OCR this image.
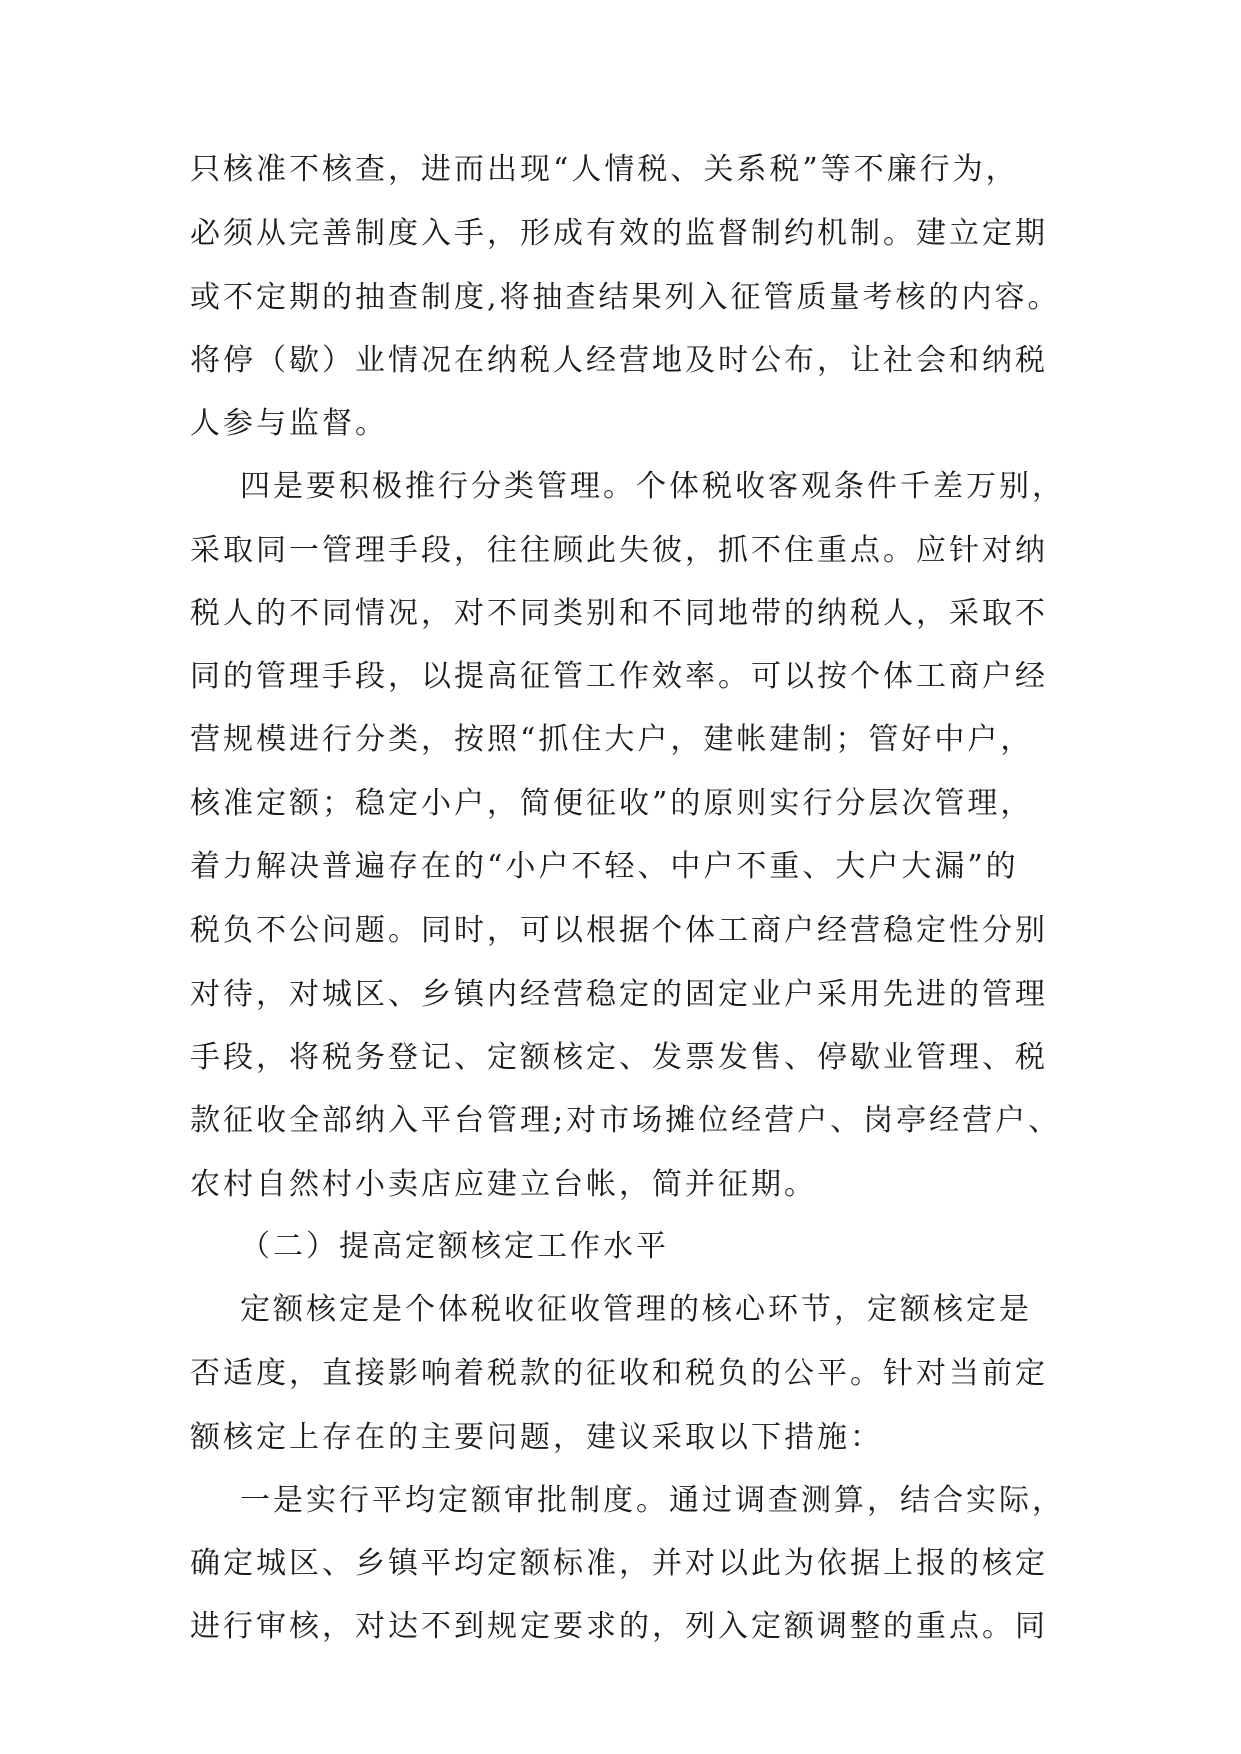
只核准不核查，进而出现“人情税、关系税”等不廉行为，
必须从完善制度入手，形成有效的监督制约机制。建立定期
或不定期的抽查制度,将抽查结果列入征管质量考核的内容。
将停（歇）业情况在纳税人经营地及时公布，让社会和纳税
人参与监督。
四是要积极推行分类管理。个体税收客观条件千差万别，
采取同一管理手段，往往顾此失彼，抓不住重点。应针对纳
税人的不同情况，对不同类别和不同地带的纳税人，采取不
同的管理手段，以提高征管工作效率。可以按个体工商户经
营规模进行分类，按照“抓住大户，建帐建制；管好中户，
核准定额；稳定小户，简便征收”的原则实行分层次管理，
着力解决普遍存在的“小户不轻、中户不重、大户大漏”的
税负不公问题。同时，可以根据个体工商户经营稳定性分别
对待，对城区、乡镇内经营稳定的固定业户采用先进的管理
手段，将税务登记、定额核定、发票发售、停歇业管理、税
款征收全部纳入平台管理;对市场摊位经营户、岗亭经营户、
农村自然村小卖店应建立台帐，简并征期。
（二）提高定额核定工作水平
定额核定是个体税收征收管理的核心环节，定额核定是
否适度，直接影响着税款的征收和税负的公平。针对当前定
额核定上存在的主要问题，建议采取以下措施：
一是实行平均定额审批制度。通过调查测算，结合实际，
确定城区、乡镇平均定额标准，并对以此为依据上报的核定
进行审核，对达不到规定要求的，列入定额调整的重点。同
